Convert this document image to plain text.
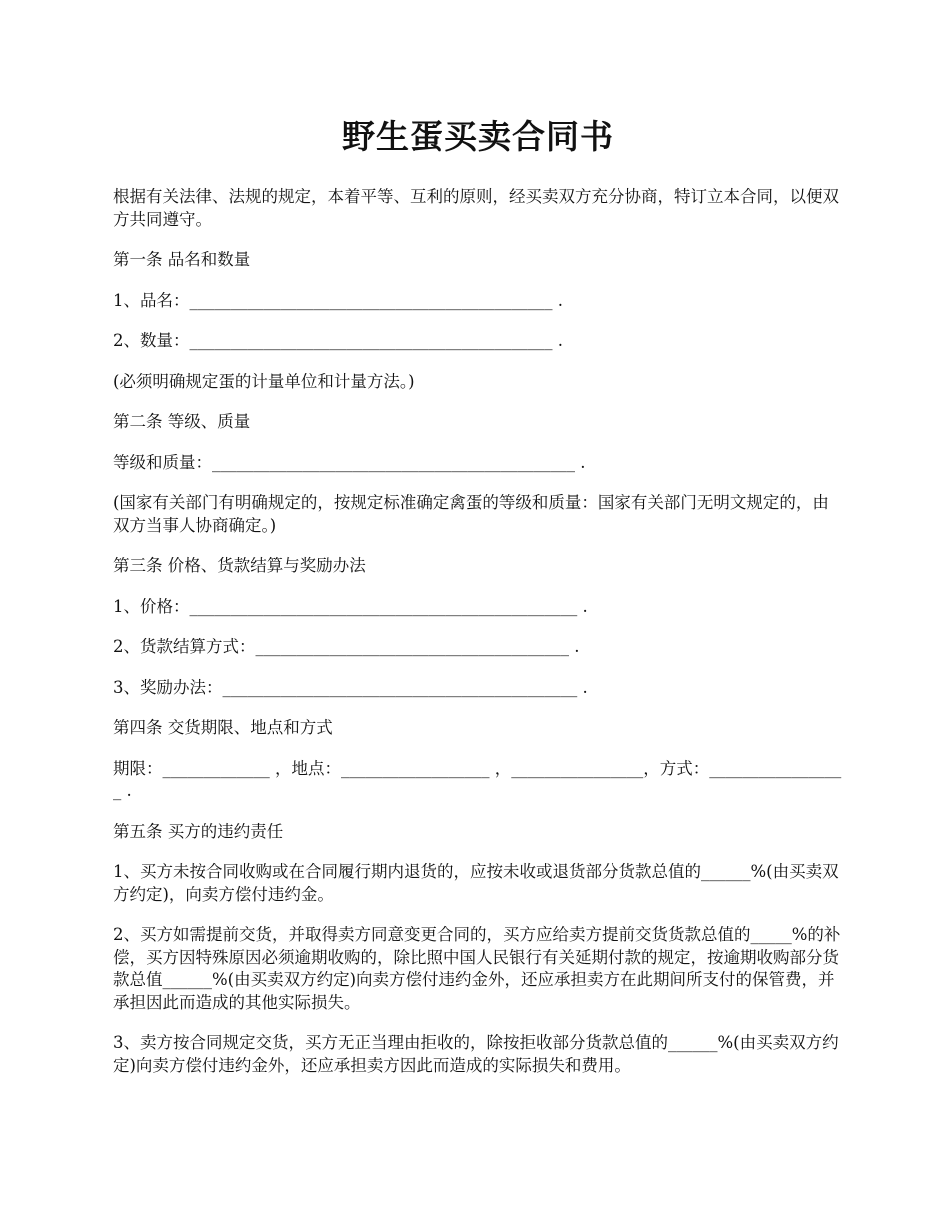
野生蛋买卖合同书

根据有关法律、法规的规定，本着平等、互利的原则，经买卖双方充分协商，特订立本合同，以便双方共同遵守。

第一条 品名和数量

1、品名：____________________________________________ .

2、数量：____________________________________________ .

(必须明确规定蛋的计量单位和计量方法。)

第二条 等级、质量

等级和质量：____________________________________________ .

(国家有关部门有明确规定的，按规定标准确定禽蛋的等级和质量：国家有关部门无明文规定的，由双方当事人协商确定。)

第三条 价格、货款结算与奖励办法

1、价格：_______________________________________________ .

2、货款结算方式：______________________________________ .

3、奖励办法：___________________________________________ .

第四条 交货期限、地点和方式

期限：_____________ ，地点：__________________ ，________________，方式：_________________ .

第五条 买方的违约责任

1、买方未按合同收购或在合同履行期内退货的，应按未收或退货部分货款总值的______%(由买卖双方约定)，向卖方偿付违约金。

2、买方如需提前交货，并取得卖方同意变更合同的，买方应给卖方提前交货货款总值的_____%的补偿，买方因特殊原因必须逾期收购的，除比照中国人民银行有关延期付款的规定，按逾期收购部分货款总值______%(由买卖双方约定)向卖方偿付违约金外，还应承担卖方在此期间所支付的保管费，并承担因此而造成的其他实际损失。

3、卖方按合同规定交货，买方无正当理由拒收的，除按拒收部分货款总值的______%(由买卖双方约定)向卖方偿付违约金外，还应承担卖方因此而造成的实际损失和费用。
